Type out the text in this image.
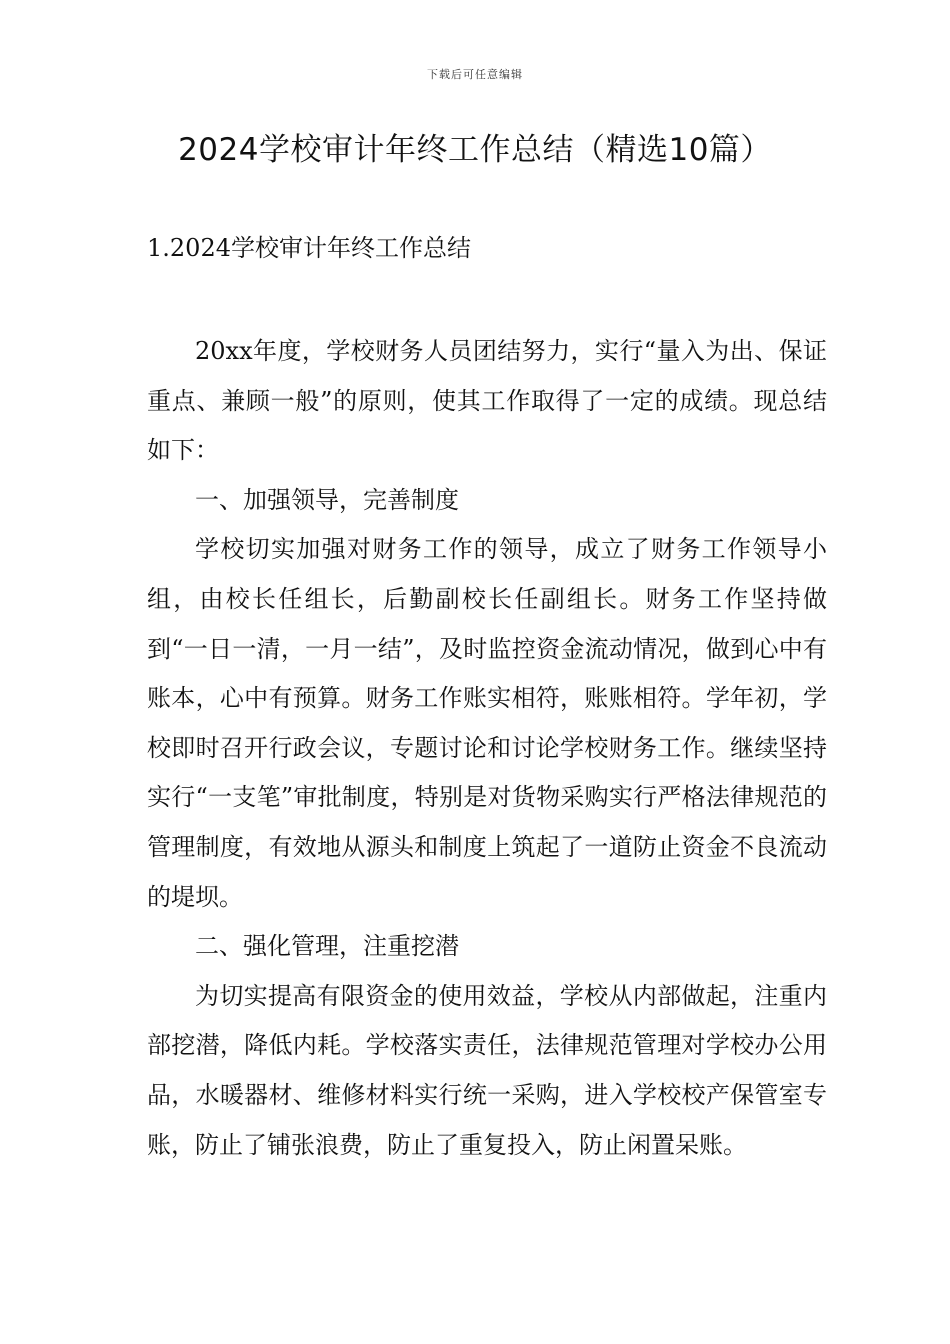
下载后可任意编辑
2024学校审计年终工作总结（精选10篇）
1.2024学校审计年终工作总结

20xx年度，学校财务人员团结努力，实行“量入为出、保证重点、兼顾一般”的原则，使其工作取得了一定的成绩。现总结如下：

一、加强领导，完善制度

学校切实加强对财务工作的领导，成立了财务工作领导小组，由校长任组长，后勤副校长任副组长。财务工作坚持做到“一日一清，一月一结”，及时监控资金流动情况，做到心中有账本，心中有预算。财务工作账实相符，账账相符。学年初，学校即时召开行政会议，专题讨论和讨论学校财务工作。继续坚持实行“一支笔”审批制度，特别是对货物采购实行严格法律规范的管理制度，有效地从源头和制度上筑起了一道防止资金不良流动的堤坝。

二、强化管理，注重挖潜

为切实提高有限资金的使用效益，学校从内部做起，注重内部挖潜，降低内耗。学校落实责任，法律规范管理对学校办公用品，水暖器材、维修材料实行统一采购，进入学校校产保管室专账，防止了铺张浪费，防止了重复投入，防止闲置呆账。
